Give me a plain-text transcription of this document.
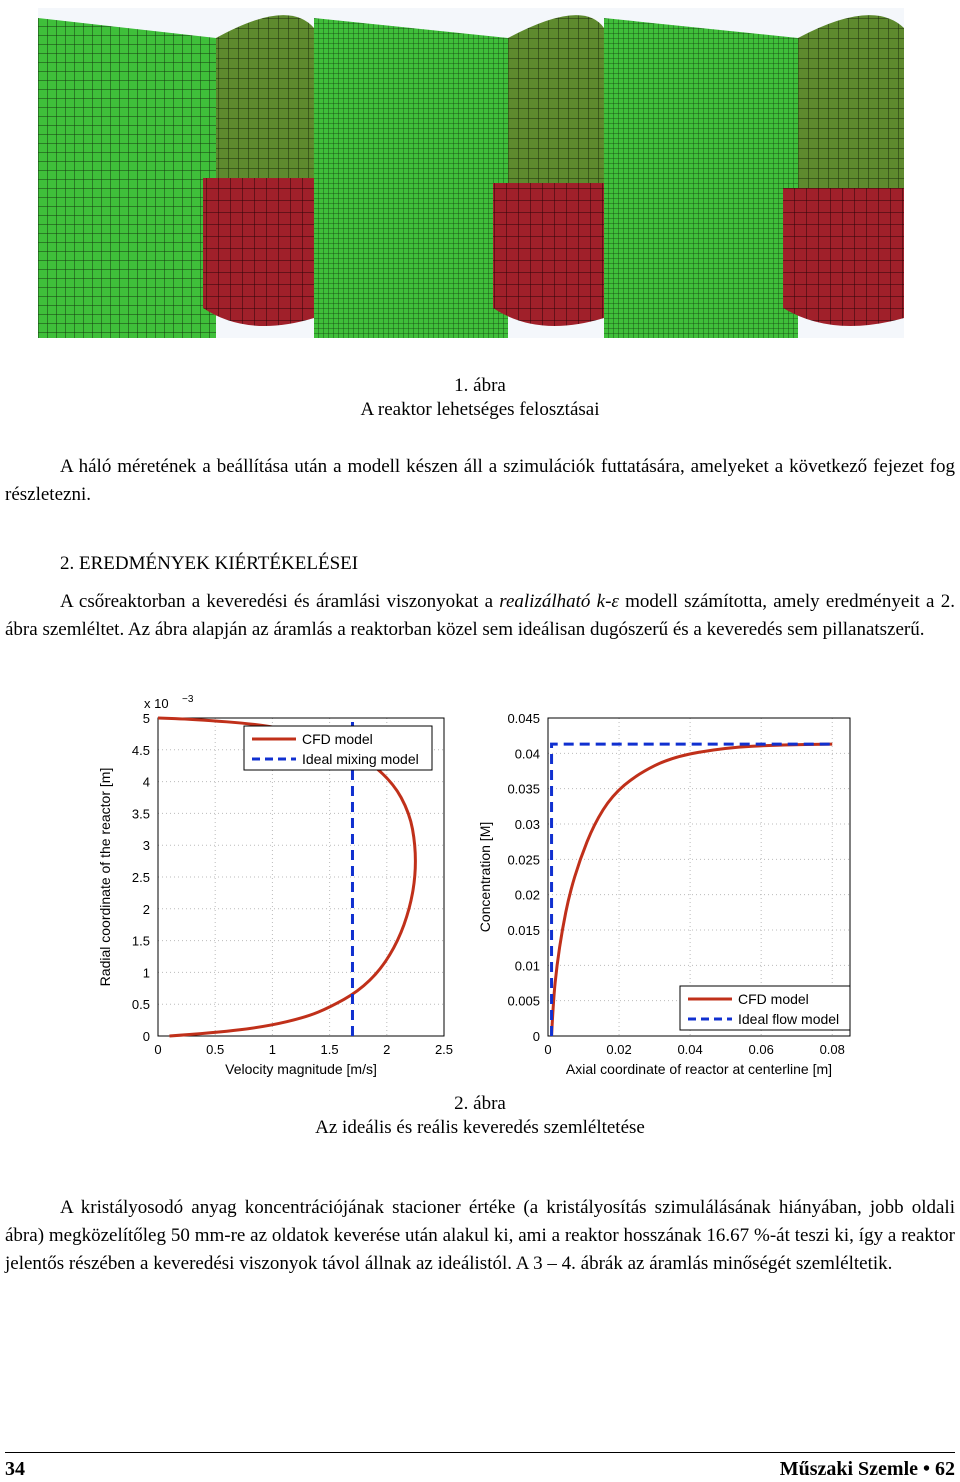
1. ábra
A reaktor lehetséges felosztásai
A háló méretének a beállítása után a modell készen áll a szimulációk futtatására, amelyeket a következő fejezet fog részletezni.
2. EREDMÉNYEK KIÉRTÉKELÉSEI
A csőreaktorban a keveredési és áramlási viszonyokat a realizálható k-ε modell számította, amely eredményeit a 2. ábra szemléltet. Az ábra alapján az áramlás a reaktorban közel sem ideálisan dugószerű és a keveredés sem pillanatszerű.
0	0.5	1	1.5	2	2.5
0
0.5
1
1.5
2
2.5
3
3.5
4
4.5
5
Velocity magnitude [m/s]
Radial coordinate of the reactor [m]
x 10 −3
CFD model
Ideal mixing model
0	0.02	0.04	0.06	0.08
0
0.005
0.01
0.015
0.02
0.025
0.03
0.035
0.04
0.045
Axial coordinate of reactor at centerline [m]
Concentration [M]
CFD model
Ideal flow model
2. ábra
Az ideális és reális keveredés szemléltetése
A kristályosodó anyag koncentrációjának stacioner értéke (a kristályosítás szimulálásának hiányában, jobb oldali ábra) megközelítőleg 50 mm-re az oldatok keverése után alakul ki, ami a reaktor hosszának 16.67 %-át teszi ki, így a reaktor jelentős részében a keveredési viszonyok távol állnak az ideálistól. A 3 – 4. ábrák az áramlás minőségét szemléltetik.
34	Műszaki Szemle • 62
